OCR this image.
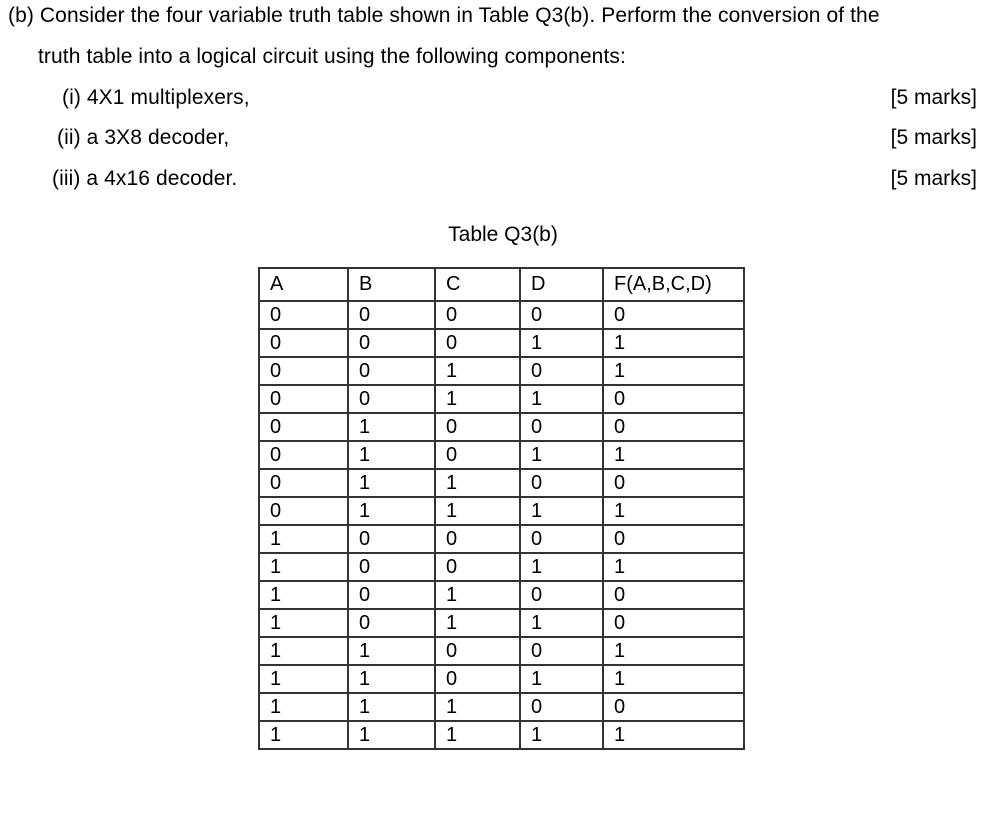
(b) Consider the four variable truth table shown in Table Q3(b). Perform the conversion of the
truth table into a logical circuit using the following components:
(i) 4X1 multiplexers,	[5 marks]
(ii) a 3X8 decoder,	[5 marks]
(iii) a 4x16 decoder.	[5 marks]
Table Q3(b)
A	B	C	D	F(A,B,C,D)
0	0	0	0	0
0	0	0	1	1
0	0	1	0	1
0	0	1	1	0
0	1	0	0	0
0	1	0	1	1
0	1	1	0	0
0	1	1	1	1
1	0	0	0	0
1	0	0	1	1
1	0	1	0	0
1	0	1	1	0
1	1	0	0	1
1	1	0	1	1
1	1	1	0	0
1	1	1	1	1
